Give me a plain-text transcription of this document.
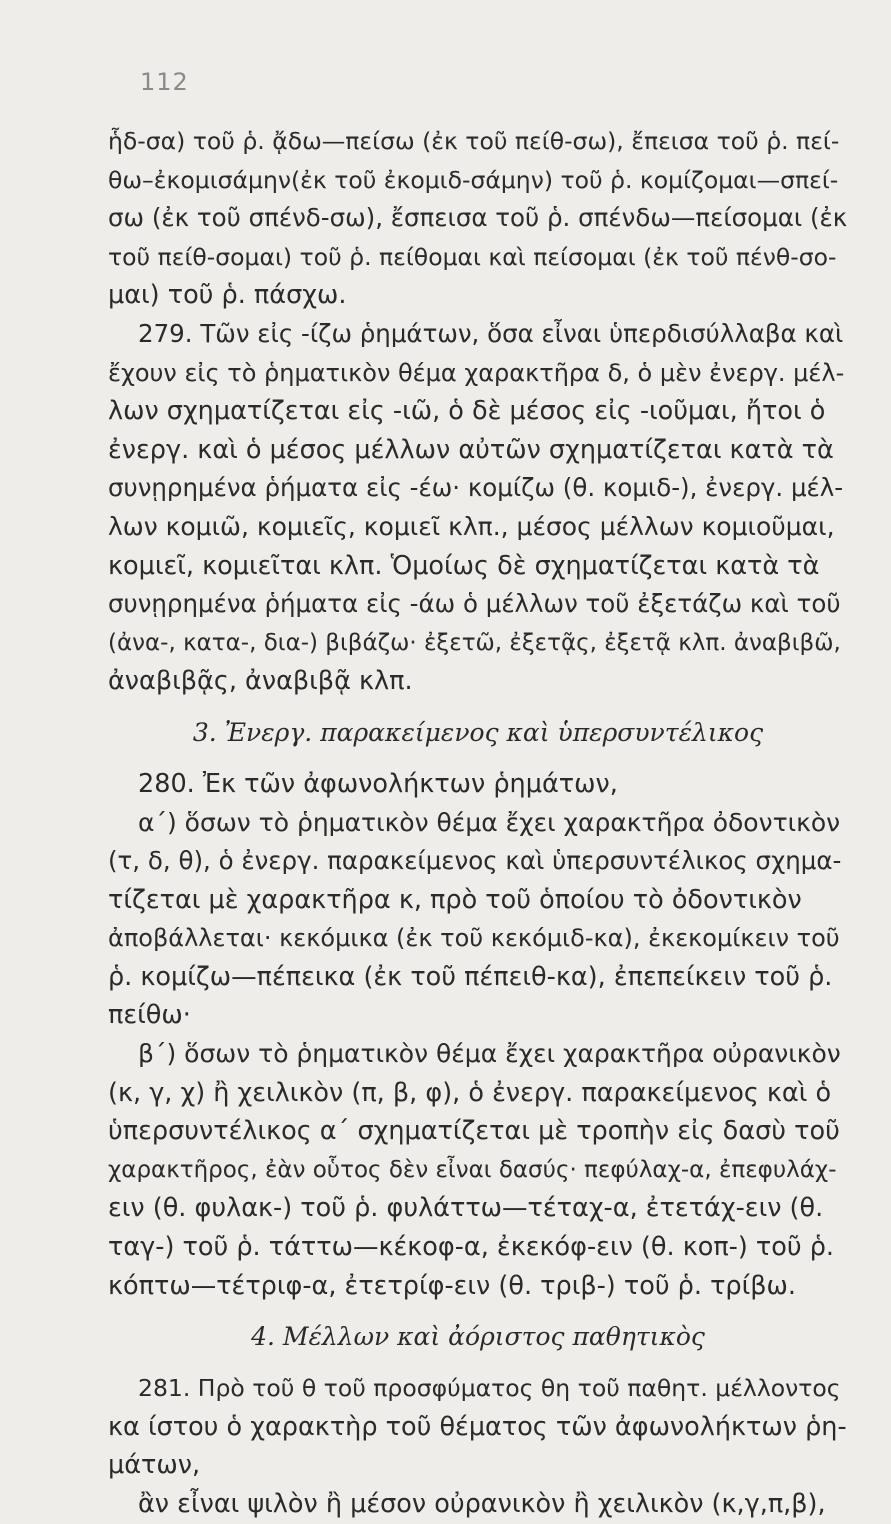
112
ἧδ-σα) τοῦ ῥ. ᾄδω—πείσω (ἐκ τοῦ πείθ-σω), ἔπεισα τοῦ ῥ. πεί-
θω–ἐκομισάμην(ἐκ τοῦ ἐκομιδ-σάμην) τοῦ ῥ. κομίζομαι—σπεί-
σω (ἐκ τοῦ σπένδ-σω), ἔσπεισα τοῦ ῥ. σπένδω—πείσομαι (ἐκ
τοῦ πείθ-σομαι) τοῦ ῥ. πείθομαι καὶ πείσομαι (ἐκ τοῦ πένθ-σο-
μαι) τοῦ ῥ. πάσχω.
279. Τῶν εἰς -ίζω ῥημάτων, ὅσα εἶναι ὑπερδισύλλαβα καὶ
ἔχουν εἰς τὸ ῥηματικὸν θέμα χαρακτῆρα δ, ὁ μὲν ἐνεργ. μέλ-
λων σχηματίζεται εἰς -ιῶ, ὁ δὲ μέσος εἰς -ιοῦμαι, ἤτοι ὁ
ἐνεργ. καὶ ὁ μέσος μέλλων αὐτῶν σχηματίζεται κατὰ τὰ
συνῃρημένα ῥήματα εἰς -έω· κομίζω (θ. κομιδ-), ἐνεργ. μέλ-
λων κομιῶ, κομιεῖς, κομιεῖ κλπ., μέσος μέλλων κομιοῦμαι,
κομιεῖ, κομιεῖται κλπ. Ὁμοίως δὲ σχηματίζεται κατὰ τὰ
συνῃρημένα ῥήματα εἰς -άω ὁ μέλλων τοῦ ἐξετάζω καὶ τοῦ
(ἀνα-, κατα-, δια-) βιβάζω· ἐξετῶ, ἐξετᾷς, ἐξετᾷ κλπ. ἀναβιβῶ,
ἀναβιβᾷς, ἀναβιβᾷ κλπ.
3. Ἐνεργ. παρακείμενος καὶ ὑπερσυντέλικος
280. Ἐκ τῶν ἀφωνολήκτων ῥημάτων,
α΄) ὅσων τὸ ῥηματικὸν θέμα ἔχει χαρακτῆρα ὀδοντικὸν
(τ, δ, θ), ὁ ἐνεργ. παρακείμενος καὶ ὑπερσυντέλικος σχημα-
τίζεται μὲ χαρακτῆρα κ, πρὸ τοῦ ὁποίου τὸ ὀδοντικὸν
ἀποβάλλεται· κεκόμικα (ἐκ τοῦ κεκόμιδ-κα), ἐκεκομίκειν τοῦ
ῥ. κομίζω—πέπεικα (ἐκ τοῦ πέπειθ-κα), ἐπεπείκειν τοῦ ῥ.
πείθω·
β΄) ὅσων τὸ ῥηματικὸν θέμα ἔχει χαρακτῆρα οὐρανικὸν
(κ, γ, χ) ἢ χειλικὸν (π, β, φ), ὁ ἐνεργ. παρακείμενος καὶ ὁ
ὑπερσυντέλικος α΄ σχηματίζεται μὲ τροπὴν εἰς δασὺ τοῦ
χαρακτῆρος, ἐὰν οὗτος δὲν εἶναι δασύς· πεφύλαχ-α, ἐπεφυλάχ-
ειν (θ. φυλακ-) τοῦ ῥ. φυλάττω—τέταχ-α, ἐτετάχ-ειν (θ.
ταγ-) τοῦ ῥ. τάττω—κέκοφ-α, ἐκεκόφ-ειν (θ. κοπ-) τοῦ ῥ.
κόπτω—τέτριφ-α, ἐτετρίφ-ειν (θ. τριβ-) τοῦ ῥ. τρίβω.
4. Μέλλων καὶ ἀόριστος παθητικὸς
281. Πρὸ τοῦ θ τοῦ προσφύματος θη τοῦ παθητ. μέλλοντος
κα ίστου ὁ χαρακτὴρ τοῦ θέματος τῶν ἀφωνολήκτων ῥη-
μάτων,
ἂν εἶναι ψιλὸν ἢ μέσον οὐρανικὸν ἢ χειλικὸν (κ,γ,π,β),
